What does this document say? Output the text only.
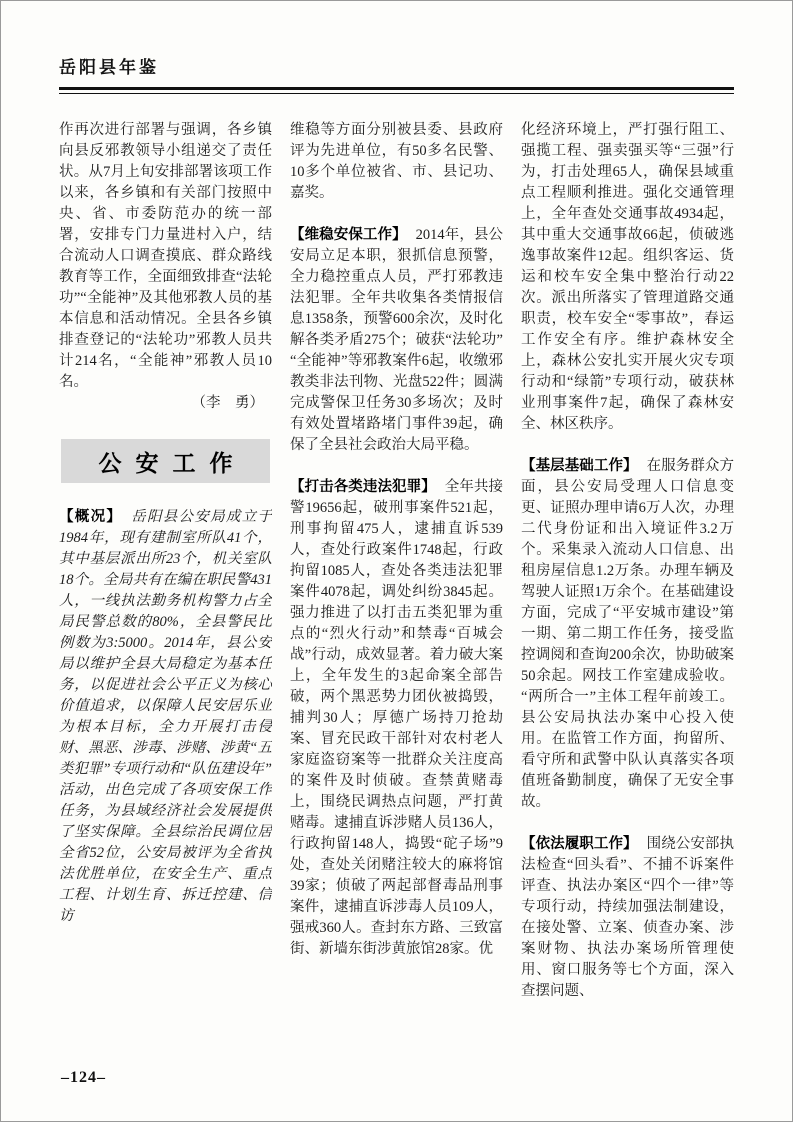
岳阳县年鉴

作再次进行部署与强调，各乡镇向县反邪教领导小组递交了责任状。从7月上旬安排部署该项工作以来，各乡镇和有关部门按照中央、省、市委防范办的统一部署，安排专门力量进村入户，结合流动人口调查摸底、群众路线教育等工作，全面细致排查“法轮功”“全能神”及其他邪教人员的基本信息和活动情况。全县各乡镇排查登记的“法轮功”邪教人员共计214名，“全能神”邪教人员10名。

（李　勇）

公安工作

【概况】 岳阳县公安局成立于1984年，现有建制室所队41个，其中基层派出所23个，机关室队18个。全局共有在编在职民警431人，一线执法勤务机构警力占全局民警总数的80%，全县警民比例数为3:5000。2014年，县公安局以维护全县大局稳定为基本任务，以促进社会公平正义为核心价值追求，以保障人民安居乐业为根本目标，全力开展打击侵财、黑恶、涉毒、涉赌、涉黄“五类犯罪”专项行动和“队伍建设年”活动，出色完成了各项安保工作任务，为县域经济社会发展提供了坚实保障。全县综治民调位居全省52位，公安局被评为全省执法优胜单位，在安全生产、重点工程、计划生育、拆迁控建、信访

维稳等方面分别被县委、县政府评为先进单位，有50多名民警、10多个单位被省、市、县记功、嘉奖。

【维稳安保工作】 2014年，县公安局立足本职，狠抓信息预警，全力稳控重点人员，严打邪教违法犯罪。全年共收集各类情报信息1358条，预警600余次，及时化解各类矛盾275个；破获“法轮功”“全能神”等邪教案件6起，收缴邪教类非法刊物、光盘522件；圆满完成警保卫任务30多场次；及时有效处置堵路堵门事件39起，确保了全县社会政治大局平稳。

【打击各类违法犯罪】 全年共接警19656起，破刑事案件521起，刑事拘留475人，逮捕直诉539人，查处行政案件1748起，行政拘留1085人，查处各类违法犯罪案件4078起，调处纠纷3845起。强力推进了以打击五类犯罪为重点的“烈火行动”和禁毒“百城会战”行动，成效显著。着力破大案上，全年发生的3起命案全部告破，两个黑恶势力团伙被捣毁，捕判30人；厚德广场持刀抢劫案、冒充民政干部针对农村老人家庭盗窃案等一批群众关注度高的案件及时侦破。查禁黄赌毒上，围绕民调热点问题，严打黄赌毒。逮捕直诉涉赌人员136人，行政拘留148人，捣毁“砣子场”9处，查处关闭赌注较大的麻将馆39家；侦破了两起部督毒品刑事案件，逮捕直诉涉毒人员109人，强戒360人。查封东方路、三致富街、新墙东街涉黄旅馆28家。优

化经济环境上，严打强行阻工、强揽工程、强卖强买等“三强”行为，打击处理65人，确保县域重点工程顺利推进。强化交通管理上，全年查处交通事故4934起，其中重大交通事故66起，侦破逃逸事故案件12起。组织客运、货运和校车安全集中整治行动22次。派出所落实了管理道路交通职责，校车安全“零事故”，春运工作安全有序。维护森林安全上，森林公安扎实开展火灾专项行动和“绿箭”专项行动，破获林业刑事案件7起，确保了森林安全、林区秩序。

【基层基础工作】 在服务群众方面，县公安局受理人口信息变更、证照办理申请6万人次，办理二代身份证和出入境证件3.2万个。采集录入流动人口信息、出租房屋信息1.2万条。办理车辆及驾驶人证照1万余个。在基础建设方面，完成了“平安城市建设”第一期、第二期工作任务，接受监控调阅和查询200余次，协助破案50余起。网技工作室建成验收。“两所合一”主体工程年前竣工。县公安局执法办案中心投入使用。在监管工作方面，拘留所、看守所和武警中队认真落实各项值班备勤制度，确保了无安全事故。

【依法履职工作】 围绕公安部执法检查“回头看”、不捕不诉案件评查、执法办案区“四个一律”等专项行动，持续加强法制建设，在接处警、立案、侦查办案、涉案财物、执法办案场所管理使用、窗口服务等七个方面，深入查摆问题、

–124–
